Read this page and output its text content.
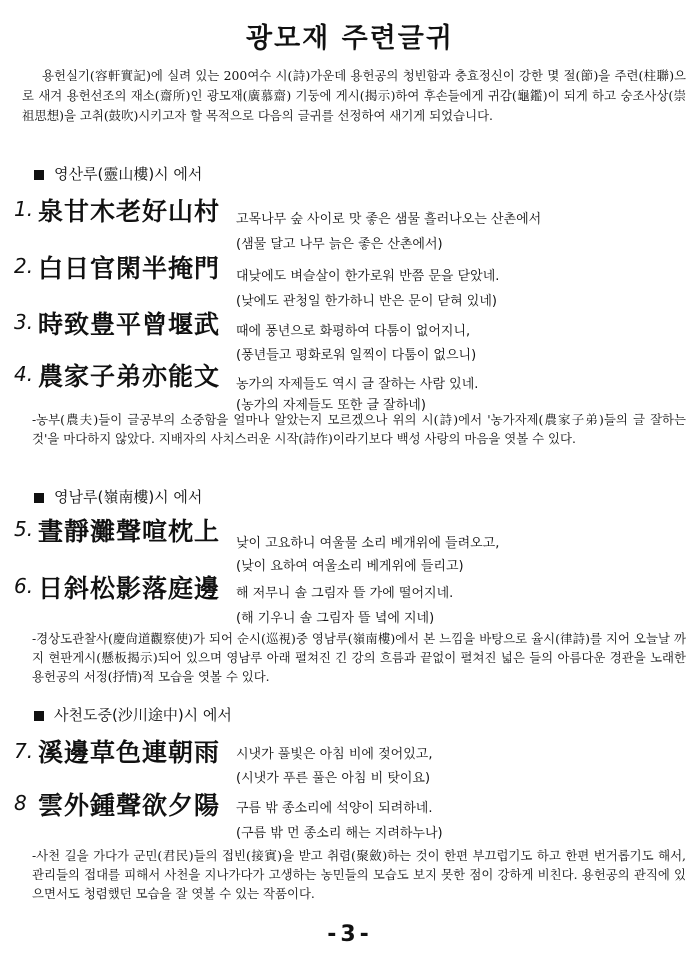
광모재 주련글귀
용헌실기(容軒實記)에 실려 있는 200여수 시(詩)가운데 용헌공의 청빈함과 충효정신이 강한 몇 절(節)을 주련(柱聯)으로 새겨 용헌선조의 재소(齋所)인 광모재(廣慕齋) 기둥에 게시(揭示)하여 후손들에게 귀감(龜鑑)이 되게 하고 숭조사상(崇祖思想)을 고취(鼓吹)시키고자 할 목적으로 다음의 글귀를 선정하여 새기게 되었습니다.
영산루(靈山樓)시 에서
1. 泉甘木老好山村 고목나무 숲 사이로 맛 좋은 샘물 흘러나오는 산촌에서
(샘물 달고 나무 늙은 좋은 산촌에서)
2. 白日官閑半掩門 대낮에도 벼슬살이 한가로워 반쯤 문을 닫았네.
(낮에도 관청일 한가하니 반은 문이 닫혀 있네)
3. 時致豊平曾堰武 때에 풍년으로 화평하여 다툼이 없어지니,
(풍년들고 평화로워 일찍이 다툼이 없으니)
4. 農家子弟亦能文 농가의 자제들도 역시 글 잘하는 사람 있네.
(농가의 자제들도 또한 글 잘하네)
-농부(農夫)들이 글공부의 소중함을 얼마나 알았는지 모르겠으나 위의 시(詩)에서 '농가자제(農家子弟)들의 글 잘하는 것'을 마다하지 않았다. 지배자의 사치스러운 시작(詩作)이라기보다 백성 사랑의 마음을 엿볼 수 있다.
영남루(嶺南樓)시 에서
5. 晝靜灘聲喧枕上 낮이 고요하니 여울물 소리 베개위에 들려오고,
(낮이 요하여 여울소리 베게위에 들리고)
6. 日斜松影落庭邊 해 저무니 솔 그림자 뜰 가에 떨어지네.
(해 기우니 솔 그림자 뜰 녘에 지네)
-경상도관찰사(慶尙道觀察使)가 되어 순시(巡視)중 영남루(嶺南樓)에서 본 느낌을 바탕으로 율시(律詩)를 지어 오늘날 까지 현판게시(懸板揭示)되어 있으며 영남루 아래 펼쳐진 긴 강의 흐름과 끝없이 펼쳐진 넓은 들의 아름다운 경관을 노래한 용헌공의 서정(抒情)적 모습을 엿볼 수 있다.
사천도중(沙川途中)시 에서
7. 溪邊草色連朝雨 시냇가 풀빛은 아침 비에 젖어있고,
(시냇가 푸른 풀은 아침 비 탓이요)
8 雲外鍾聲欲夕陽 구름 밖 종소리에 석양이 되려하네.
(구름 밖 먼 종소리 해는 지려하누나)
-사천 길을 가다가 군민(君民)들의 접빈(接賓)을 받고 취렴(聚斂)하는 것이 한편 부끄럽기도 하고 한편 번거롭기도 해서, 관리들의 접대를 피해서 사천을 지나가다가 고생하는 농민들의 모습도 보지 못한 점이 강하게 비친다. 용헌공의 관직에 있으면서도 청렴했던 모습을 잘 엿볼 수 있는 작품이다.
-3-
